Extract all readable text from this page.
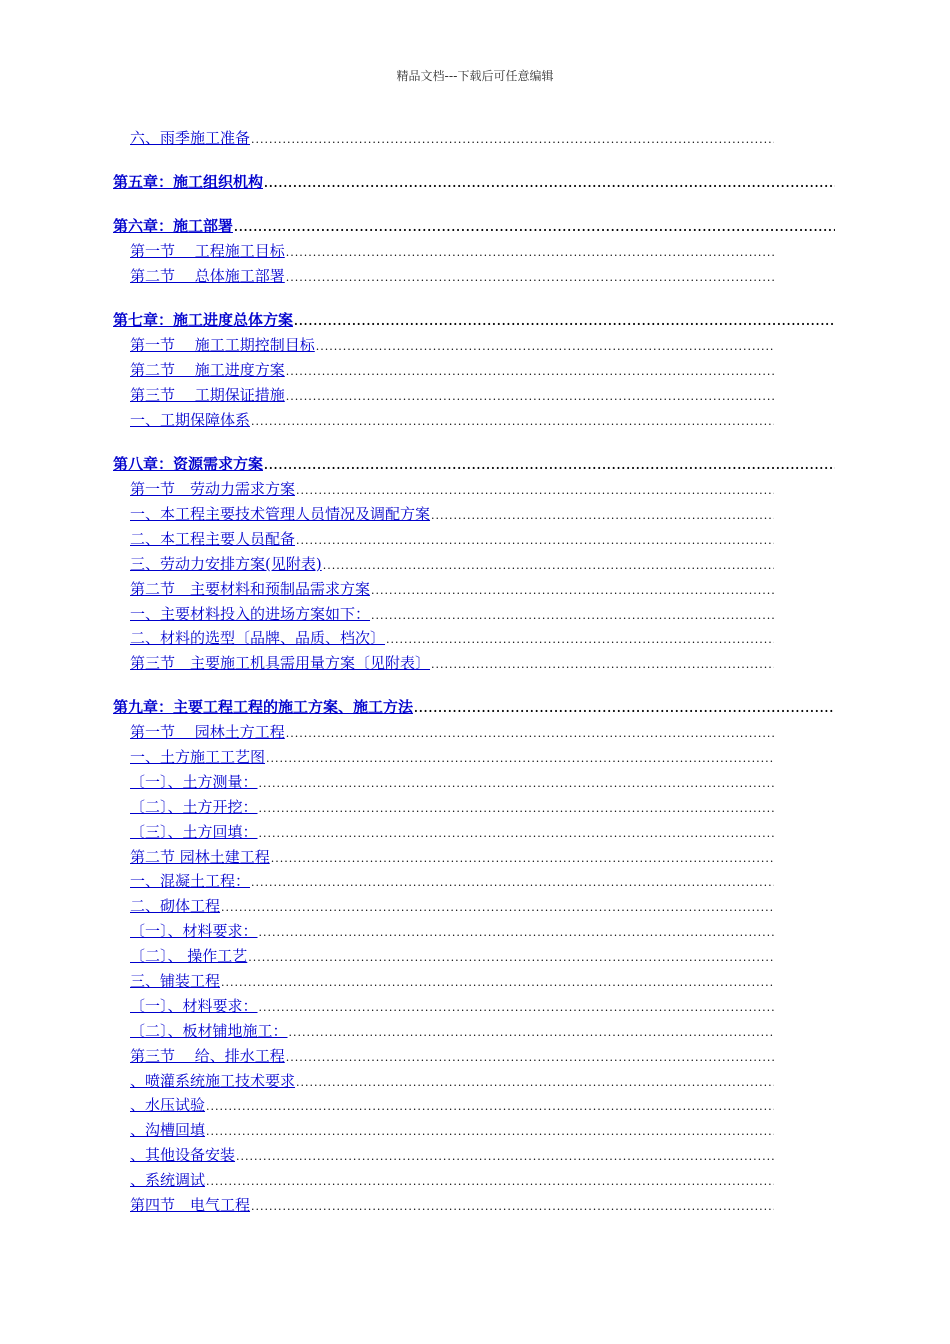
精品文档---下载后可任意编辑
六、雨季施工准备
.....
第五章：施工组织机构
.....
第六章：施工部署
.....
第一节　 工程施工目标
.....
第二节　 总体施工部署
.....
第七章：施工进度总体方案
.....
第一节　 施工工期控制目标
.....
第二节　 施工进度方案
.....
第三节　 工期保证措施
.....
一、工期保障体系
.....
第八章：资源需求方案
.....
第一节　劳动力需求方案
.....
一、本工程主要技术管理人员情况及调配方案
.....
二、本工程主要人员配备
.....
三、劳动力安排方案(见附表)
.....
第二节　主要材料和预制品需求方案
.....
一、主要材料投入的进场方案如下：
.....
二、材料的选型〔品牌、品质、档次〕
.....
第三节　主要施工机具需用量方案〔见附表〕
.....
第九章：主要工程工程的施工方案、施工方法
.....
第一节　 园林土方工程
.....
一、土方施工工艺图
.....
〔一〕、土方测量：
.....
〔二〕、土方开挖：
.....
〔三〕、土方回填：
.....
第二节 园林土建工程
.....
一、混凝土工程：
.....
二、砌体工程
.....
〔一〕、材料要求：
.....
〔二〕、 操作工艺
.....
三、铺装工程
.....
〔一〕、材料要求：
.....
〔二〕、板材铺地施工：
.....
第三节　 给、排水工程
.....
、喷灌系统施工技术要求
.....
、水压试验
.....
、沟槽回填
.....
、其他设备安装
.....
、系统调试
.....
第四节　电气工程
.....
